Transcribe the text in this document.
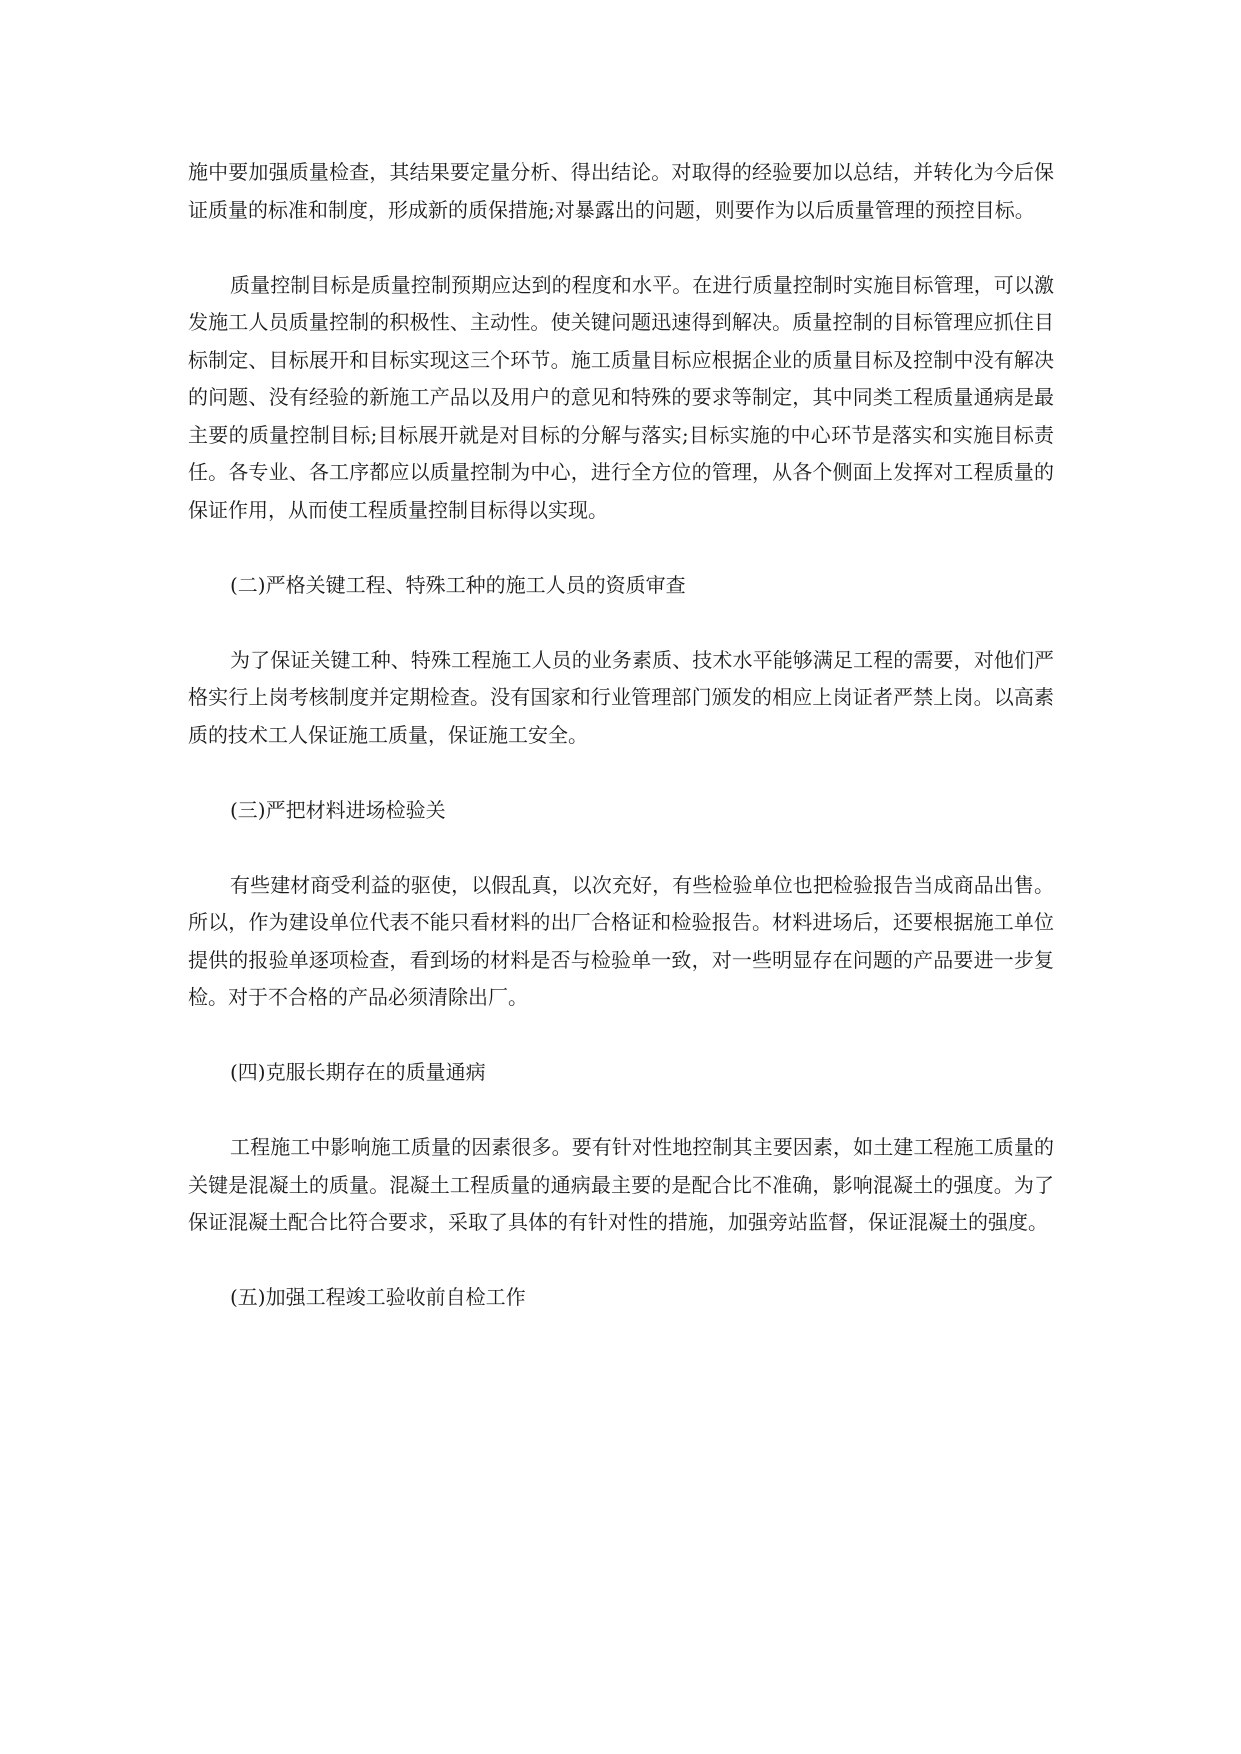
施中要加强质量检查，其结果要定量分析、得出结论。对取得的经验要加以总结，并转化为今后保证质量的标准和制度，形成新的质保措施;对暴露出的问题，则要作为以后质量管理的预控目标。

质量控制目标是质量控制预期应达到的程度和水平。在进行质量控制时实施目标管理，可以激发施工人员质量控制的积极性、主动性。使关键问题迅速得到解决。质量控制的目标管理应抓住目标制定、目标展开和目标实现这三个环节。施工质量目标应根据企业的质量目标及控制中没有解决的问题、没有经验的新施工产品以及用户的意见和特殊的要求等制定，其中同类工程质量通病是最主要的质量控制目标;目标展开就是对目标的分解与落实;目标实施的中心环节是落实和实施目标责任。各专业、各工序都应以质量控制为中心，进行全方位的管理，从各个侧面上发挥对工程质量的保证作用，从而使工程质量控制目标得以实现。

(二)严格关键工程、特殊工种的施工人员的资质审查

为了保证关键工种、特殊工程施工人员的业务素质、技术水平能够满足工程的需要，对他们严格实行上岗考核制度并定期检查。没有国家和行业管理部门颁发的相应上岗证者严禁上岗。以高素质的技术工人保证施工质量，保证施工安全。

(三)严把材料进场检验关

有些建材商受利益的驱使，以假乱真，以次充好，有些检验单位也把检验报告当成商品出售。所以，作为建设单位代表不能只看材料的出厂合格证和检验报告。材料进场后，还要根据施工单位提供的报验单逐项检查，看到场的材料是否与检验单一致，对一些明显存在问题的产品要进一步复检。对于不合格的产品必须清除出厂。

(四)克服长期存在的质量通病

工程施工中影响施工质量的因素很多。要有针对性地控制其主要因素，如土建工程施工质量的关键是混凝土的质量。混凝土工程质量的通病最主要的是配合比不准确，影响混凝土的强度。为了保证混凝土配合比符合要求，采取了具体的有针对性的措施，加强旁站监督，保证混凝土的强度。

(五)加强工程竣工验收前自检工作
